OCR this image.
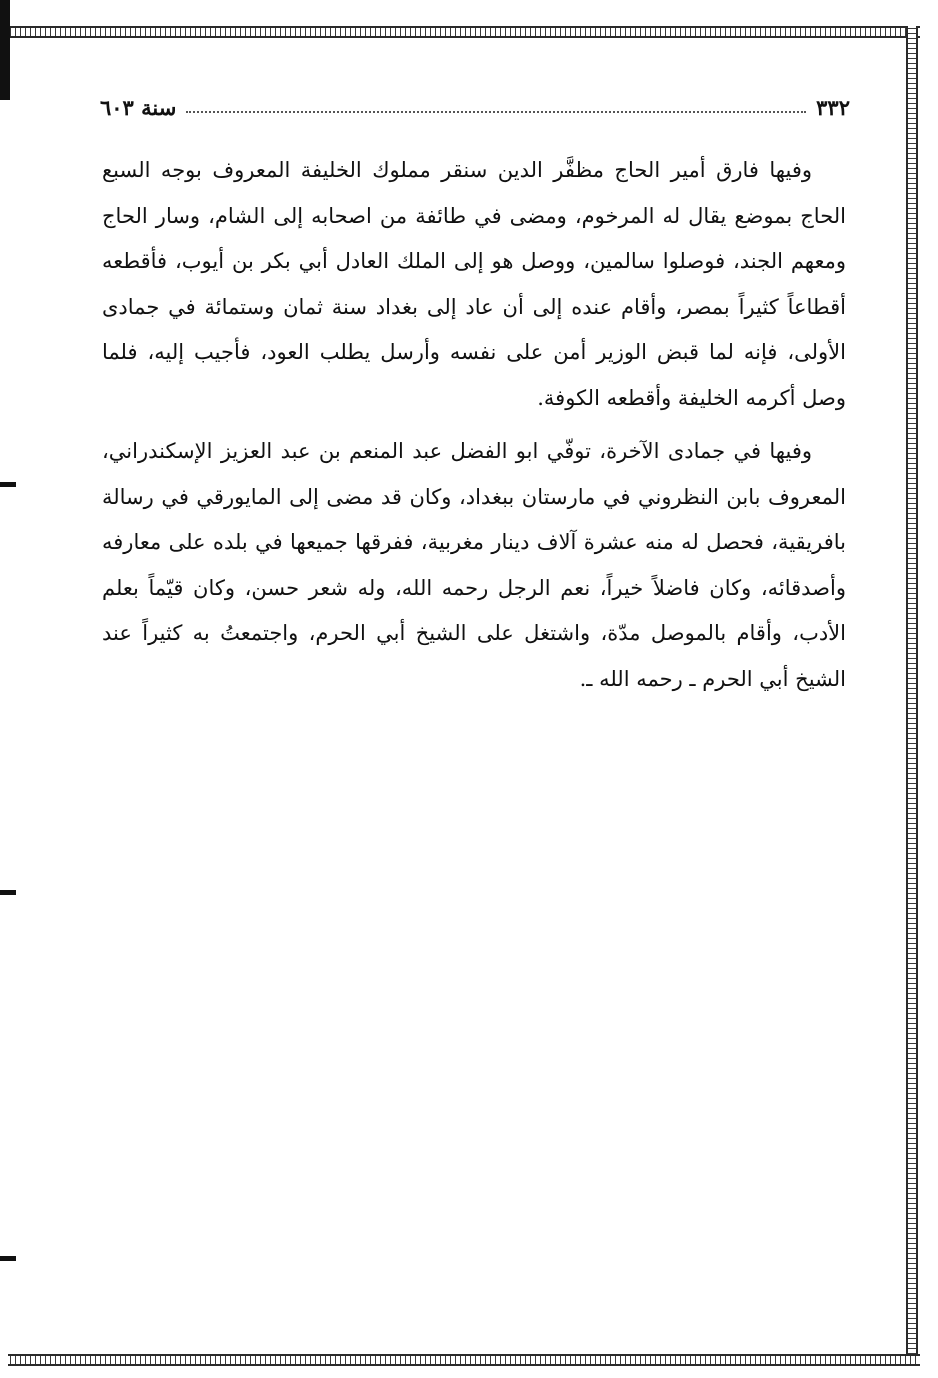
٣٣٢
سنة ٦٠٣

وفيها فارق أمير الحاج مظفَّر الدين سنقر مملوك الخليفة المعروف بوجه السبع الحاج بموضع يقال له المرخوم، ومضى في طائفة من اصحابه إلى الشام، وسار الحاج ومعهم الجند، فوصلوا سالمين، ووصل هو إلى الملك العادل أبي بكر بن أيوب، فأقطعه أقطاعاً كثيراً بمصر، وأقام عنده إلى أن عاد إلى بغداد سنة ثمان وستمائة في جمادى الأولى، فإنه لما قبض الوزير أمن على نفسه وأرسل يطلب العود، فأجيب إليه، فلما وصل أكرمه الخليفة وأقطعه الكوفة.

وفيها في جمادى الآخرة، توفّي ابو الفضل عبد المنعم بن عبد العزيز الإسكندراني، المعروف بابن النظروني في مارستان ببغداد، وكان قد مضى إلى المايورقي في رسالة بافريقية، فحصل له منه عشرة آلاف دينار مغربية، ففرقها جميعها في بلده على معارفه وأصدقائه، وكان فاضلاً خيراً، نعم الرجل رحمه الله، وله شعر حسن، وكان قيّماً بعلم الأدب، وأقام بالموصل مدّة، واشتغل على الشيخ أبي الحرم، واجتمعتُ به كثيراً عند الشيخ أبي الحرم ـ رحمه الله ـ.
